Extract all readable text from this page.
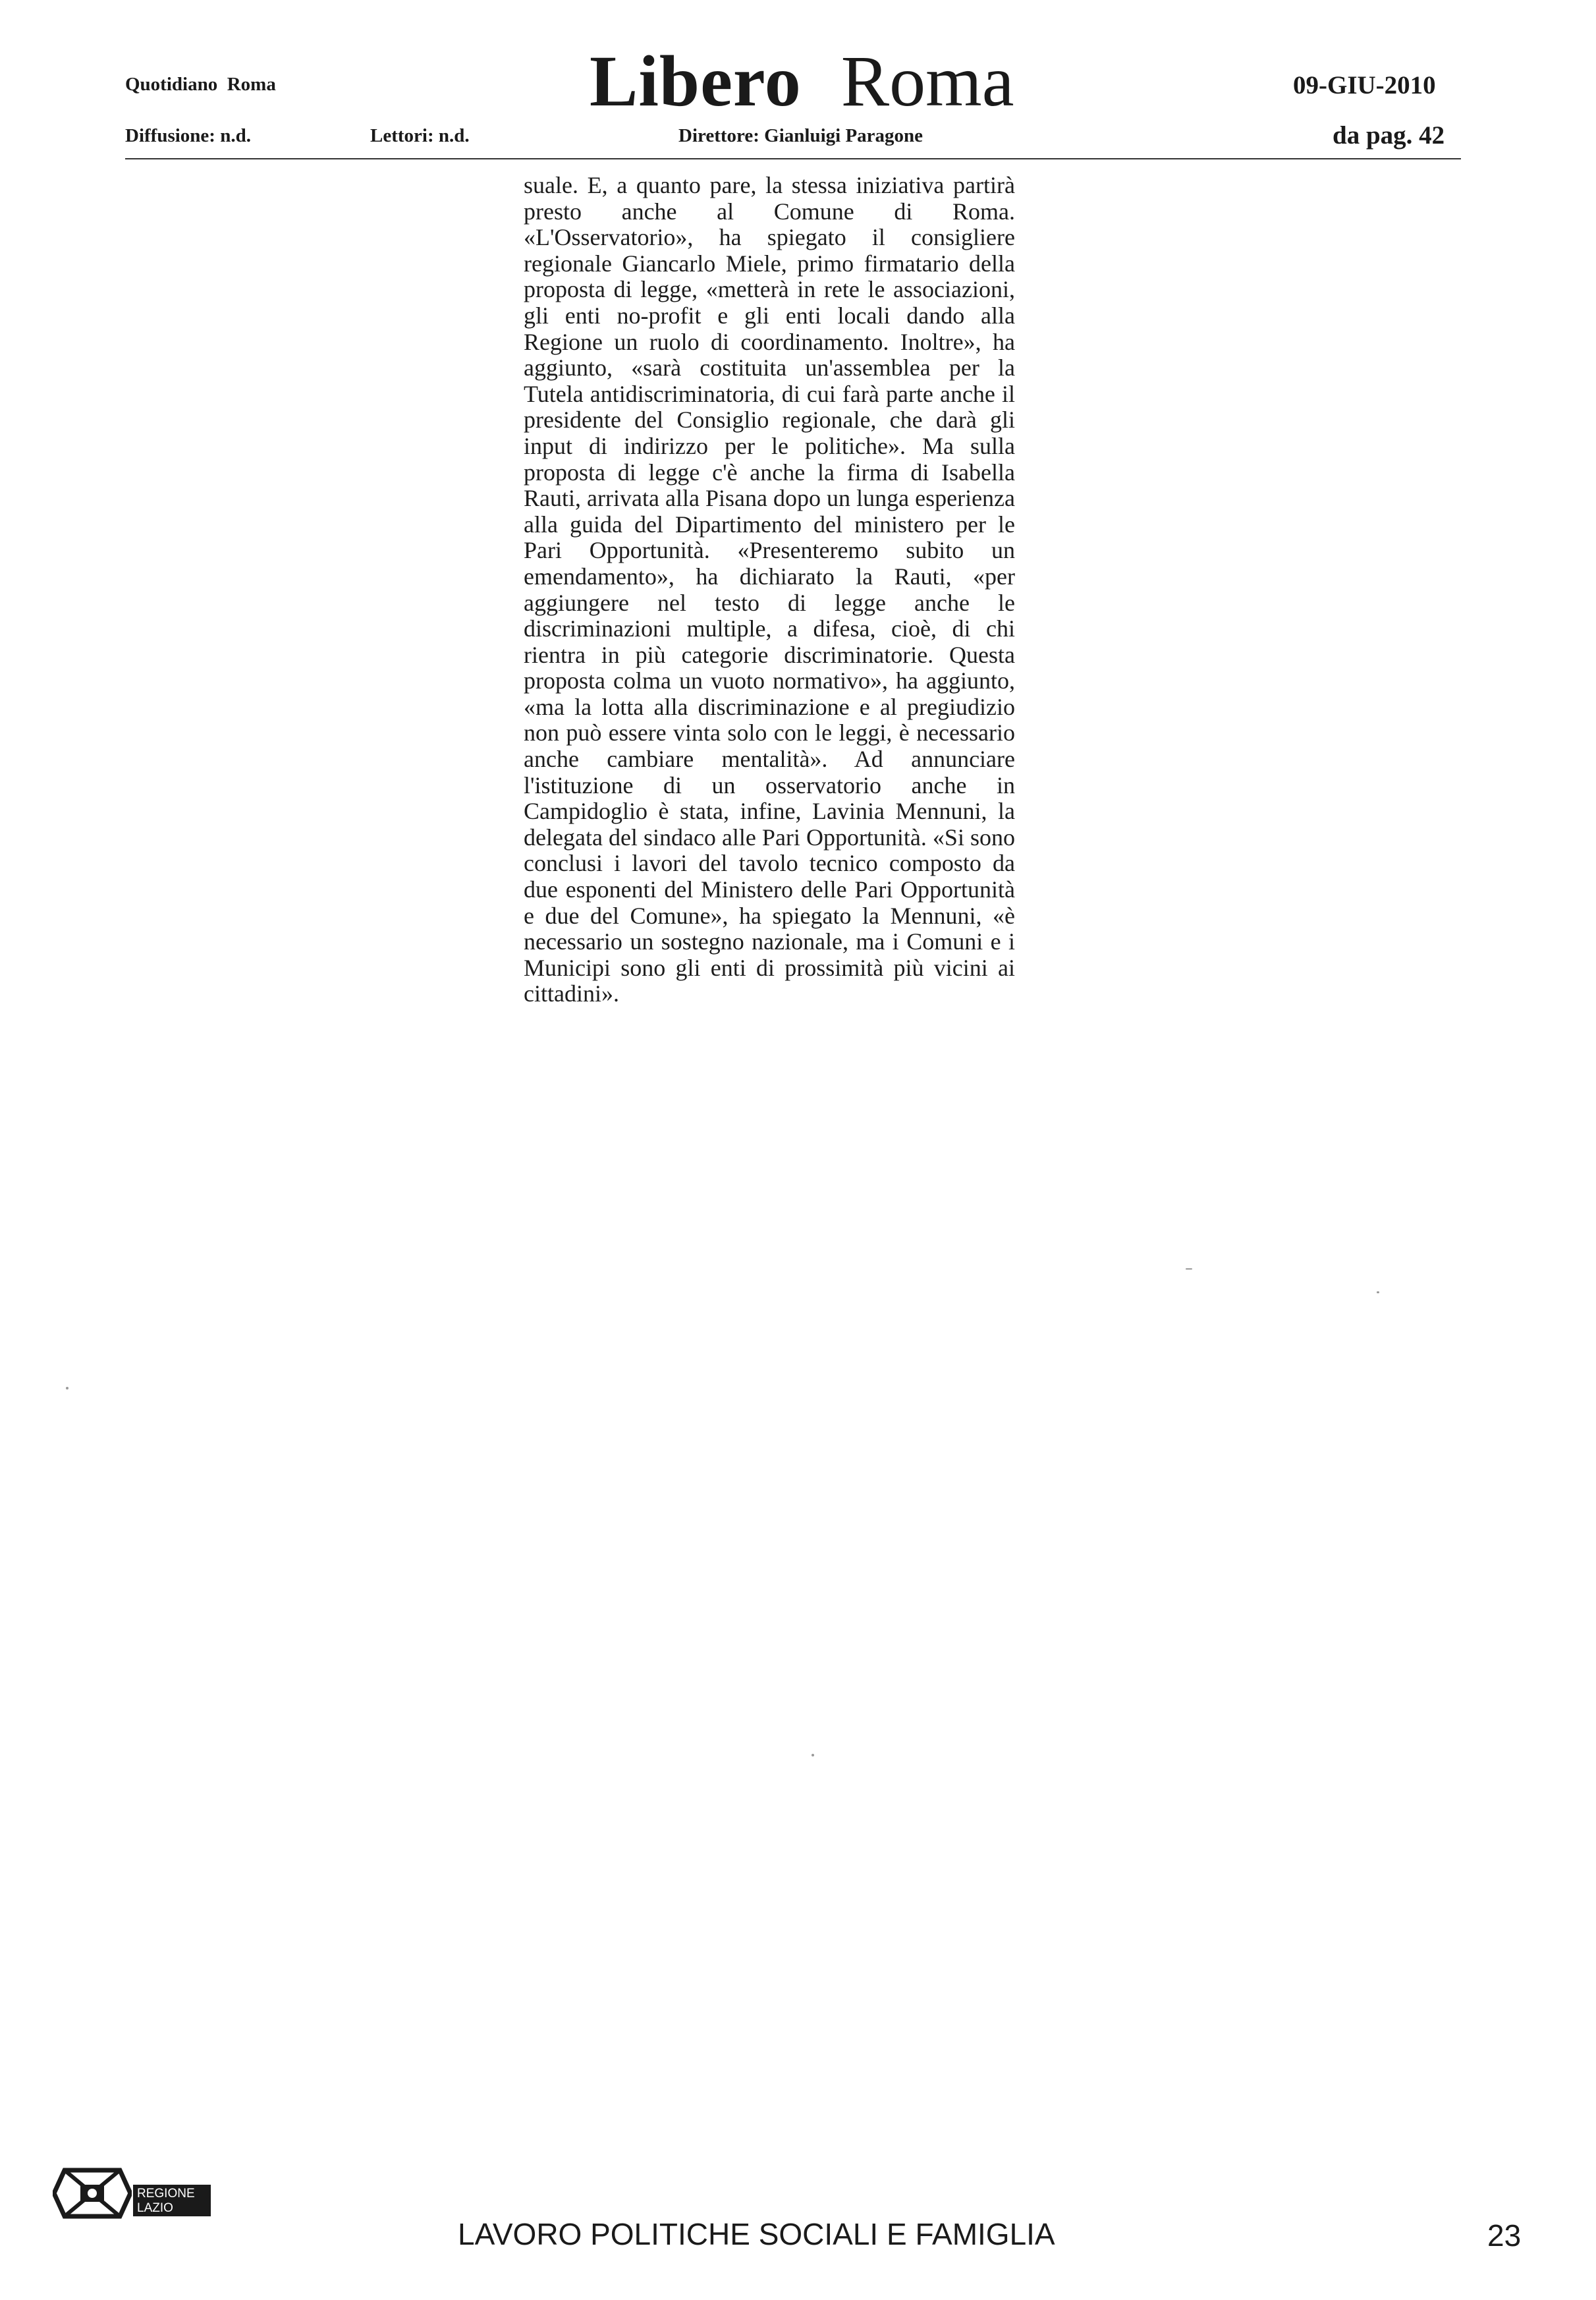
Quotidiano  Roma
Diffusione: n.d.	Lettori: n.d.
Libero Roma
Direttore: Gianluigi Paragone
09-GIU-2010
da pag. 42

suale. E, a quanto pare, la stessa iniziativa partirà presto anche al Comune di Roma. «L'Osservatorio», ha spiegato il consigliere regionale Giancarlo Miele, primo firmatario della proposta di legge, «metterà in rete le associazioni, gli enti no-profit e gli enti locali dando alla Regione un ruolo di coordinamento. Inoltre», ha aggiunto, «sarà costituita un'assemblea per la Tutela antidiscriminatoria, di cui farà parte anche il presidente del Consiglio regionale, che darà gli input di indirizzo per le politiche». Ma sulla proposta di legge c'è anche la firma di Isabella Rauti, arrivata alla Pisana dopo un lunga esperienza alla guida del Dipartimento del ministero per le Pari Opportunità. «Presenteremo subito un emendamento», ha dichiarato la Rauti, «per aggiungere nel testo di legge anche le discriminazioni multiple, a difesa, cioè, di chi rientra in più categorie discriminatorie. Questa proposta colma un vuoto normativo», ha aggiunto, «ma la lotta alla discriminazione e al pregiudizio non può essere vinta solo con le leggi, è necessario anche cambiare mentalità». Ad annunciare l'istituzione di un osservatorio anche in Campidoglio è stata, infine, Lavinia Mennuni, la delegata del sindaco alle Pari Opportunità. «Si sono conclusi i lavori del tavolo tecnico composto da due esponenti del Ministero delle Pari Opportunità e due del Comune», ha spiegato la Mennuni, «è necessario un sostegno nazionale, ma i Comuni e i Municipi sono gli enti di prossimità più vicini ai cittadini».

REGIONE
LAZIO
LAVORO POLITICHE SOCIALI E FAMIGLIA	23
